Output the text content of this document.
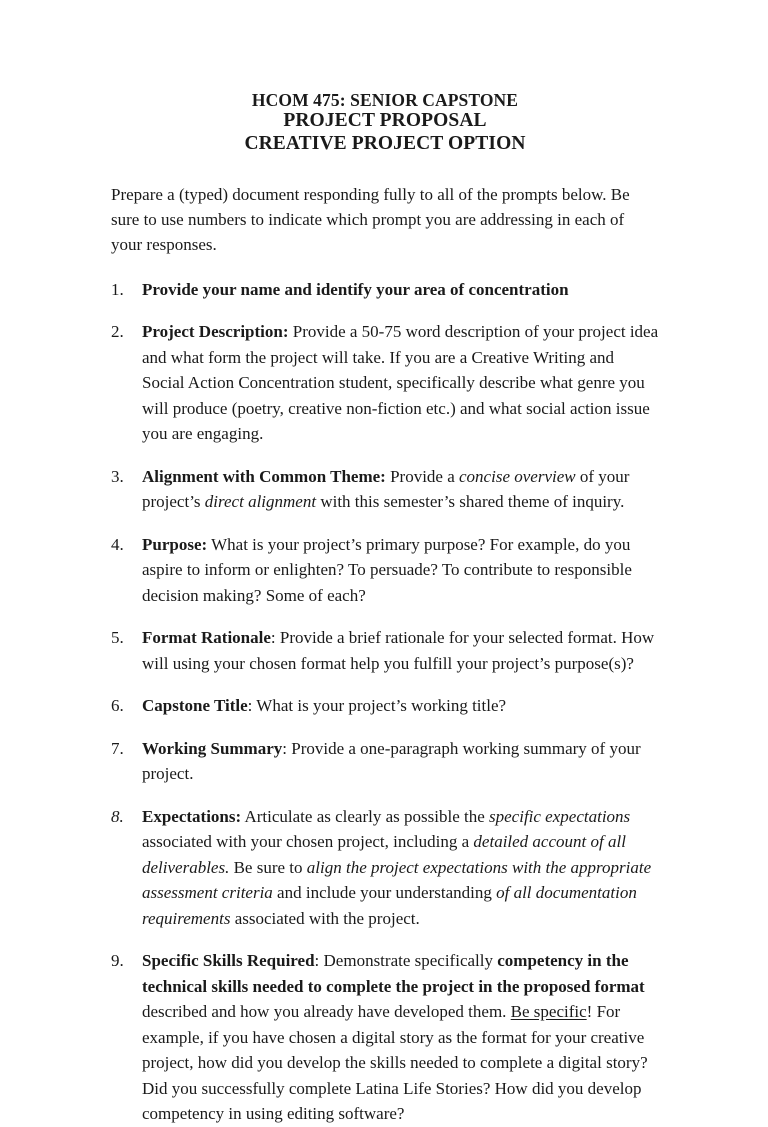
HCOM 475: SENIOR CAPSTONE
PROJECT PROPOSAL
CREATIVE PROJECT OPTION

Prepare a (typed) document responding fully to all of the prompts below. Be sure to use numbers to indicate which prompt you are addressing in each of your responses.

1.	Provide your name and identify your area of concentration
2.	Project Description: Provide a 50-75 word description of your project idea and what form the project will take. If you are a Creative Writing and Social Action Concentration student, specifically describe what genre you will produce (poetry, creative non-fiction etc.) and what social action issue you are engaging.
3.	Alignment with Common Theme: Provide a concise overview of your project’s direct alignment with this semester’s shared theme of inquiry.
4.	Purpose: What is your project’s primary purpose? For example, do you aspire to inform or enlighten? To persuade? To contribute to responsible decision making? Some of each?
5.	Format Rationale: Provide a brief rationale for your selected format. How will using your chosen format help you fulfill your project’s purpose(s)?
6.	Capstone Title: What is your project’s working title?
7.	Working Summary: Provide a one-paragraph working summary of your project.
8.	Expectations: Articulate as clearly as possible the specific expectations associated with your chosen project, including a detailed account of all deliverables. Be sure to align the project expectations with the appropriate assessment criteria and include your understanding of all documentation requirements associated with the project.
9.	Specific Skills Required: Demonstrate specifically competency in the technical skills needed to complete the project in the proposed format described and how you already have developed them. Be specific! For example, if you have chosen a digital story as the format for your creative project, how did you develop the skills needed to complete a digital story? Did you successfully complete Latina Life Stories? How did you develop competency in using editing software?
